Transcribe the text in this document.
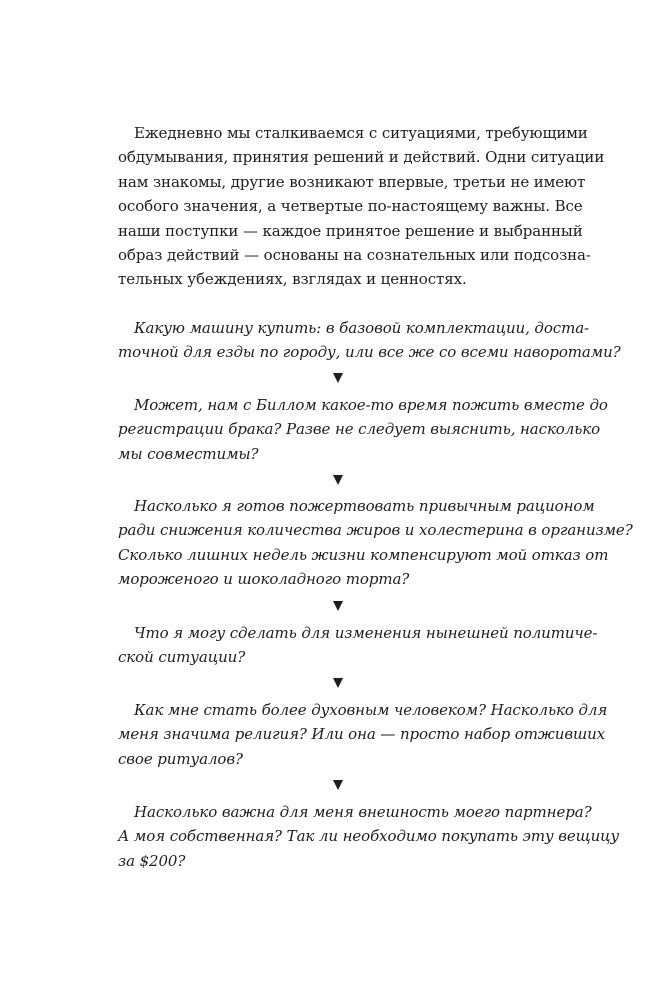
Ежедневно мы сталкиваемся с ситуациями, требующими
обдумывания, принятия решений и действий. Одни ситуации
нам знакомы, другие возникают впервые, третьи не имеют
особого значения, а четвертые по-настоящему важны. Все
наши поступки — каждое принятое решение и выбранный
образ действий — основаны на сознательных или подсозна-
тельных убеждениях, взглядах и ценностях.
Какую машину купить: в базовой комплектации, доста-
точной для езды по городу, или все же со всеми наворотами?
Может, нам с Биллом какое-то время пожить вместе до
регистрации брака? Разве не следует выяснить, насколько
мы совместимы?
Насколько я готов пожертвовать привычным рационом
ради снижения количества жиров и холестерина в организме?
Сколько лишних недель жизни компенсируют мой отказ от
мороженого и шоколадного торта?
Что я могу сделать для изменения нынешней политиче-
ской ситуации?
Как мне стать более духовным человеком? Насколько для
меня значима религия? Или она — просто набор отживших
свое ритуалов?
Насколько важна для меня внешность моего партнера?
А моя собственная? Так ли необходимо покупать эту вещицу
за $200?
